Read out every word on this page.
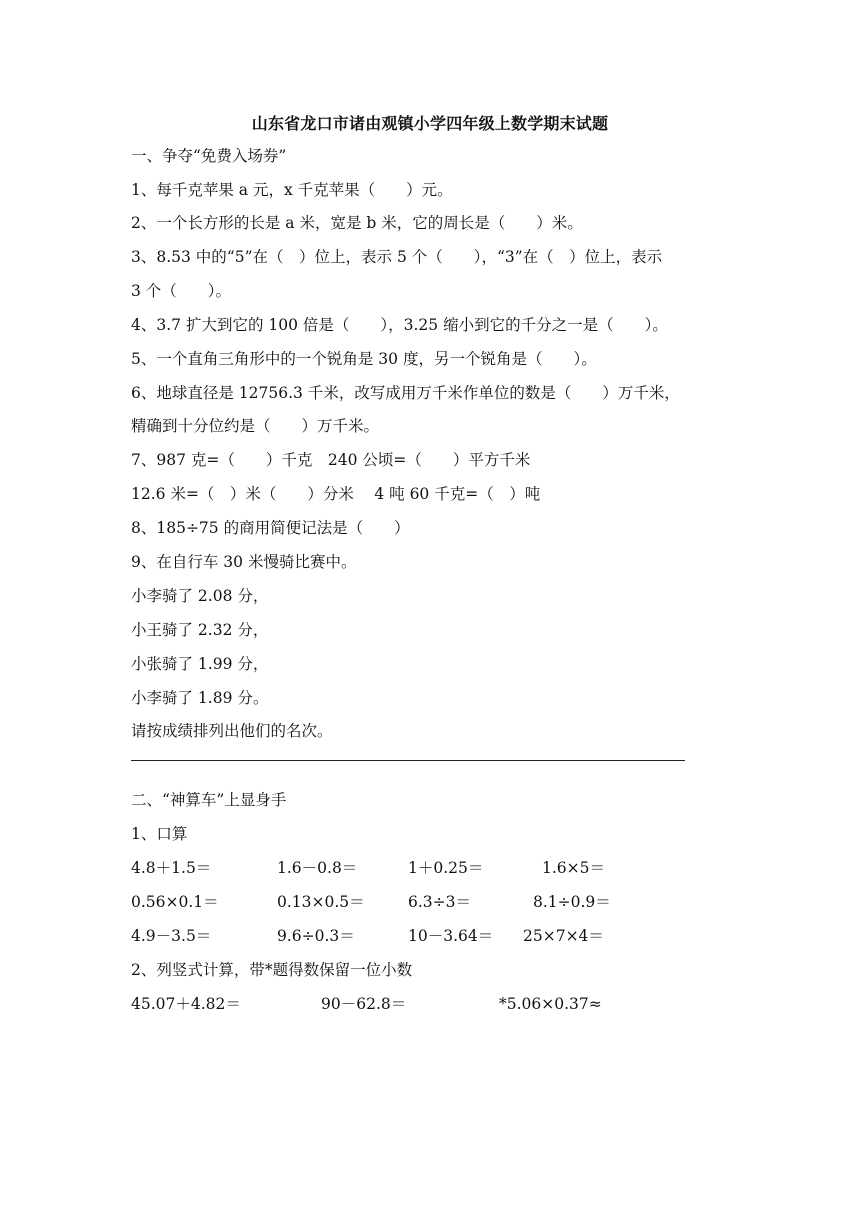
山东省龙口市诸由观镇小学四年级上数学期末试题
一、争夺“免费入场券”
1、每千克苹果 a 元，x 千克苹果（　　）元。
2、一个长方形的长是 a 米，宽是 b 米，它的周长是（　　）米。
3、8.53 中的“5”在（　）位上，表示 5 个（　　），“3”在（　）位上，表示
3 个（　　）。
4、3.7 扩大到它的 100 倍是（　　），3.25 缩小到它的千分之一是（　　）。
5、一个直角三角形中的一个锐角是 30 度，另一个锐角是（　　）。
6、地球直径是 12756.3 千米，改写成用万千米作单位的数是（　　）万千米，
精确到十分位约是（　　）万千米。
7、987 克=（　　）千克　240 公顷=（　　）平方千米
12.6 米=（　）米（　　）分米　 4 吨 60 千克=（　）吨
8、185÷75 的商用简便记法是（　　）
9、在自行车 30 米慢骑比赛中。
小李骑了 2.08 分，
小王骑了 2.32 分，
小张骑了 1.99 分，
小李骑了 1.89 分。
请按成绩排列出他们的名次。
二、“神算车”上显身手
1、口算
4.8＋1.5＝	1.6－0.8＝	1＋0.25＝	1.6×5＝
0.56×0.1＝	0.13×0.5＝	6.3÷3＝	8.1÷0.9＝
4.9－3.5＝	9.6÷0.3＝	10－3.64＝ 25×7×4＝
2、列竖式计算，带*题得数保留一位小数
45.07＋4.82＝	90－62.8＝	*5.06×0.37≈
